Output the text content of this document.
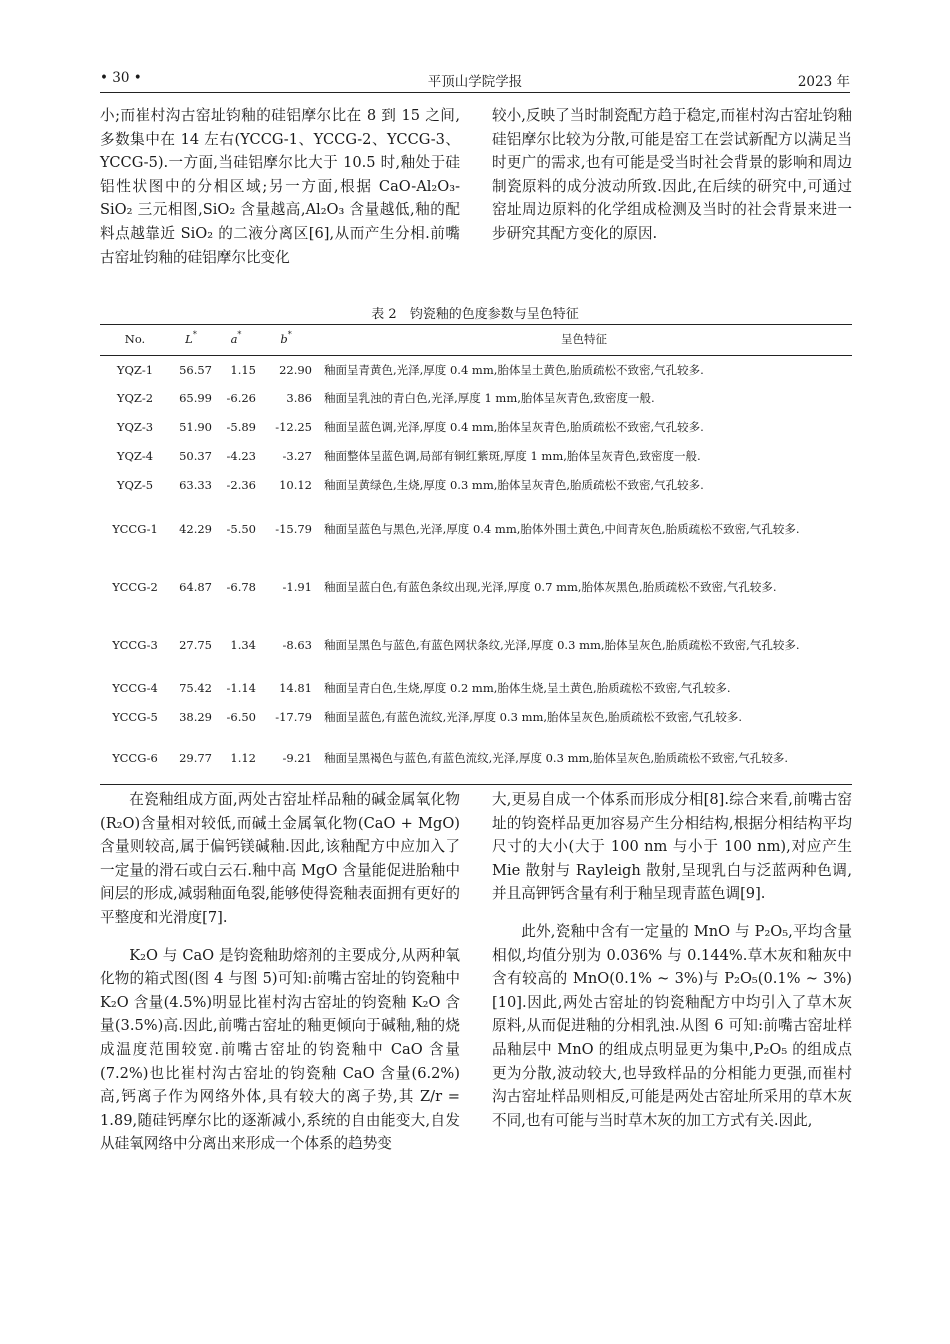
• 30 •	平顶山学院学报	2023 年

小;而崔村沟古窑址钧釉的硅铝摩尔比在 8 到 15 之间,多数集中在 14 左右(YCCG-1、YCCG-2、YCCG-3、YCCG-5).一方面,当硅铝摩尔比大于 10.5 时,釉处于硅铝性状图中的分相区域;另一方面,根据 CaO-Al₂O₃-SiO₂ 三元相图,SiO₂ 含量越高,Al₂O₃ 含量越低,釉的配料点越靠近 SiO₂ 的二液分离区[6],从而产生分相.前嘴古窑址钧釉的硅铝摩尔比变化

较小,反映了当时制瓷配方趋于稳定,而崔村沟古窑址钧釉硅铝摩尔比较为分散,可能是窑工在尝试新配方以满足当时更广的需求,也有可能是受当时社会背景的影响和周边制瓷原料的成分波动所致.因此,在后续的研究中,可通过窑址周边原料的化学组成检测及当时的社会背景来进一步研究其配方变化的原因.

表 2　钧瓷釉的色度参数与呈色特征
No.	L*	a*	b*	呈色特征
YQZ-1	56.57	1.15	22.90	釉面呈青黄色,光泽,厚度 0.4 mm,胎体呈土黄色,胎质疏松不致密,气孔较多.
YQZ-2	65.99	-6.26	3.86	釉面呈乳浊的青白色,光泽,厚度 1 mm,胎体呈灰青色,致密度一般.
YQZ-3	51.90	-5.89	-12.25	釉面呈蓝色调,光泽,厚度 0.4 mm,胎体呈灰青色,胎质疏松不致密,气孔较多.
YQZ-4	50.37	-4.23	-3.27	釉面整体呈蓝色调,局部有铜红紫斑,厚度 1 mm,胎体呈灰青色,致密度一般.
YQZ-5	63.33	-2.36	10.12	釉面呈黄绿色,生烧,厚度 0.3 mm,胎体呈灰青色,胎质疏松不致密,气孔较多.
YCCG-1	42.29	-5.50	-15.79	釉面呈蓝色与黑色,光泽,厚度 0.4 mm,胎体外围土黄色,中间青灰色,胎质疏松不致密,气孔较多.
YCCG-2	64.87	-6.78	-1.91	釉面呈蓝白色,有蓝色条纹出现,光泽,厚度 0.7 mm,胎体灰黑色,胎质疏松不致密,气孔较多.
YCCG-3	27.75	1.34	-8.63	釉面呈黑色与蓝色,有蓝色网状条纹,光泽,厚度 0.3 mm,胎体呈灰色,胎质疏松不致密,气孔较多.
YCCG-4	75.42	-1.14	14.81	釉面呈青白色,生烧,厚度 0.2 mm,胎体生烧,呈土黄色,胎质疏松不致密,气孔较多.
YCCG-5	38.29	-6.50	-17.79	釉面呈蓝色,有蓝色流纹,光泽,厚度 0.3 mm,胎体呈灰色,胎质疏松不致密,气孔较多.
YCCG-6	29.77	1.12	-9.21	釉面呈黑褐色与蓝色,有蓝色流纹,光泽,厚度 0.3 mm,胎体呈灰色,胎质疏松不致密,气孔较多.

在瓷釉组成方面,两处古窑址样品釉的碱金属氧化物(R₂O)含量相对较低,而碱土金属氧化物(CaO + MgO)含量则较高,属于偏钙镁碱釉.因此,该釉配方中应加入了一定量的滑石或白云石.釉中高 MgO 含量能促进胎釉中间层的形成,减弱釉面龟裂,能够使得瓷釉表面拥有更好的平整度和光滑度[7].

K₂O 与 CaO 是钧瓷釉助熔剂的主要成分,从两种氧化物的箱式图(图 4 与图 5)可知:前嘴古窑址的钧瓷釉中 K₂O 含量(4.5%)明显比崔村沟古窑址的钧瓷釉 K₂O 含量(3.5%)高.因此,前嘴古窑址的釉更倾向于碱釉,釉的烧成温度范围较宽.前嘴古窑址的钧瓷釉中 CaO 含量(7.2%)也比崔村沟古窑址的钧瓷釉 CaO 含量(6.2%)高,钙离子作为网络外体,具有较大的离子势,其 Z/r = 1.89,随硅钙摩尔比的逐渐减小,系统的自由能变大,自发从硅氧网络中分离出来形成一个体系的趋势变

大,更易自成一个体系而形成分相[8].综合来看,前嘴古窑址的钧瓷样品更加容易产生分相结构,根据分相结构平均尺寸的大小(大于 100 nm 与小于 100 nm),对应产生 Mie 散射与 Rayleigh 散射,呈现乳白与泛蓝两种色调,并且高钾钙含量有利于釉呈现青蓝色调[9].

此外,瓷釉中含有一定量的 MnO 与 P₂O₅,平均含量相似,均值分别为 0.036% 与 0.144%.草木灰和釉灰中含有较高的 MnO(0.1% ~ 3%)与 P₂O₅(0.1% ~ 3%)[10].因此,两处古窑址的钧瓷釉配方中均引入了草木灰原料,从而促进釉的分相乳浊.从图 6 可知:前嘴古窑址样品釉层中 MnO 的组成点明显更为集中,P₂O₅ 的组成点更为分散,波动较大,也导致样品的分相能力更强,而崔村沟古窑址样品则相反,可能是两处古窑址所采用的草木灰不同,也有可能与当时草木灰的加工方式有关.因此,
